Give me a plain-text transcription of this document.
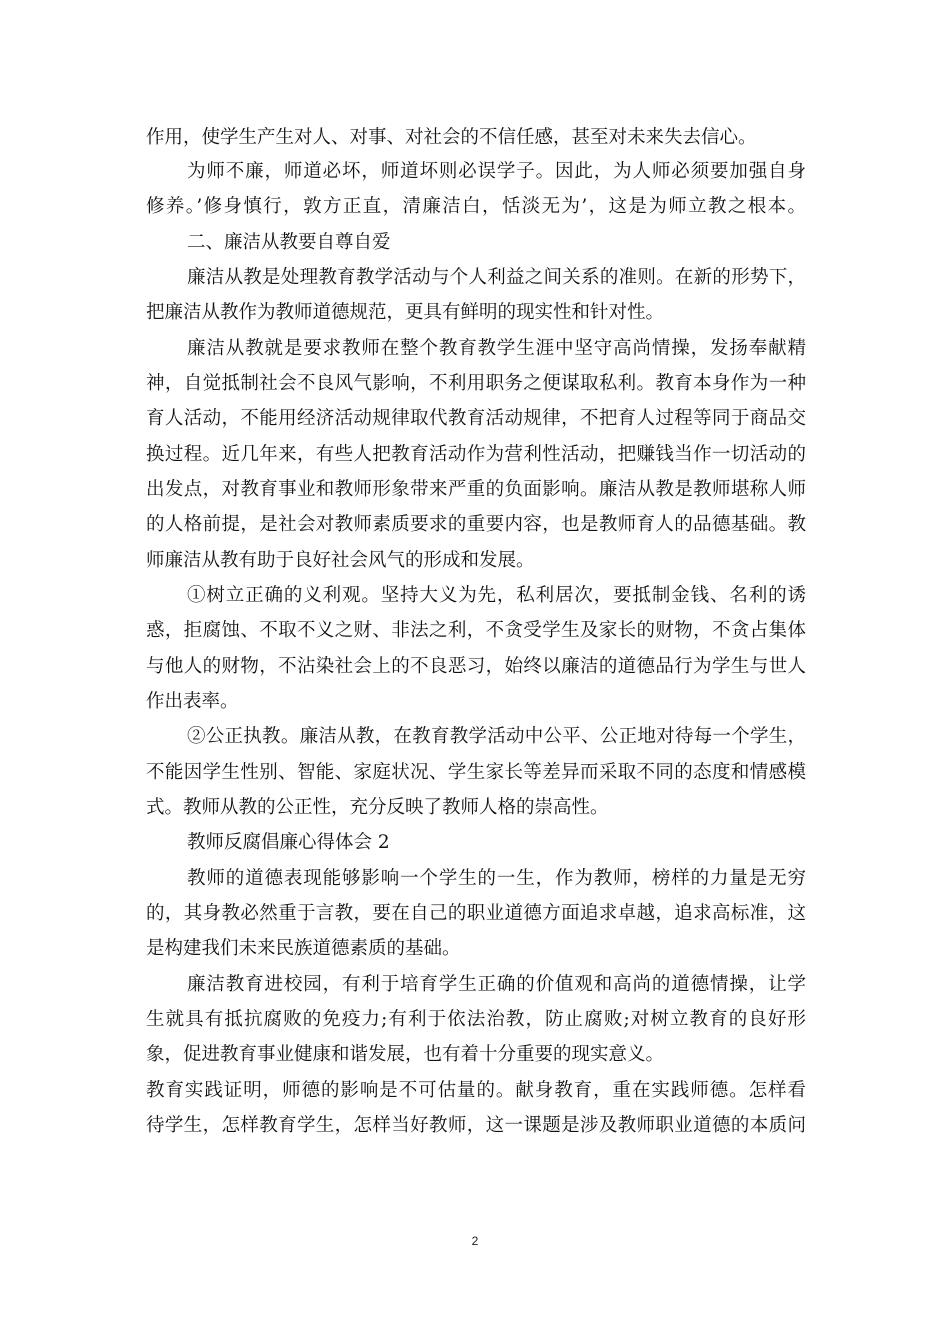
作用，使学生产生对人、对事、对社会的不信任感，甚至对未来失去信心。
为师不廉，师道必坏，师道坏则必误学子。因此，为人师必须要加强自身
修养。’修身慎行，敦方正直，清廉洁白，恬淡无为’，这是为师立教之根本。
二、廉洁从教要自尊自爱
廉洁从教是处理教育教学活动与个人利益之间关系的准则。在新的形势下，
把廉洁从教作为教师道德规范，更具有鲜明的现实性和针对性。
廉洁从教就是要求教师在整个教育教学生涯中坚守高尚情操，发扬奉献精
神，自觉抵制社会不良风气影响，不利用职务之便谋取私利。教育本身作为一种
育人活动，不能用经济活动规律取代教育活动规律，不把育人过程等同于商品交
换过程。近几年来，有些人把教育活动作为营利性活动，把赚钱当作一切活动的
出发点，对教育事业和教师形象带来严重的负面影响。廉洁从教是教师堪称人师
的人格前提，是社会对教师素质要求的重要内容，也是教师育人的品德基础。教
师廉洁从教有助于良好社会风气的形成和发展。
①树立正确的义利观。坚持大义为先，私利居次，要抵制金钱、名利的诱
惑，拒腐蚀、不取不义之财、非法之利，不贪受学生及家长的财物，不贪占集体
与他人的财物，不沾染社会上的不良恶习，始终以廉洁的道德品行为学生与世人
作出表率。
②公正执教。廉洁从教，在教育教学活动中公平、公正地对待每一个学生，
不能因学生性别、智能、家庭状况、学生家长等差异而采取不同的态度和情感模
式。教师从教的公正性，充分反映了教师人格的崇高性。
教师反腐倡廉心得体会 2
教师的道德表现能够影响一个学生的一生，作为教师，榜样的力量是无穷
的，其身教必然重于言教，要在自己的职业道德方面追求卓越，追求高标准，这
是构建我们未来民族道德素质的基础。
廉洁教育进校园，有利于培育学生正确的价值观和高尚的道德情操，让学
生就具有抵抗腐败的免疫力;有利于依法治教，防止腐败;对树立教育的良好形
象，促进教育事业健康和谐发展，也有着十分重要的现实意义。
教育实践证明，师德的影响是不可估量的。献身教育，重在实践师德。怎样看
待学生，怎样教育学生，怎样当好教师，这一课题是涉及教师职业道德的本质问
2
